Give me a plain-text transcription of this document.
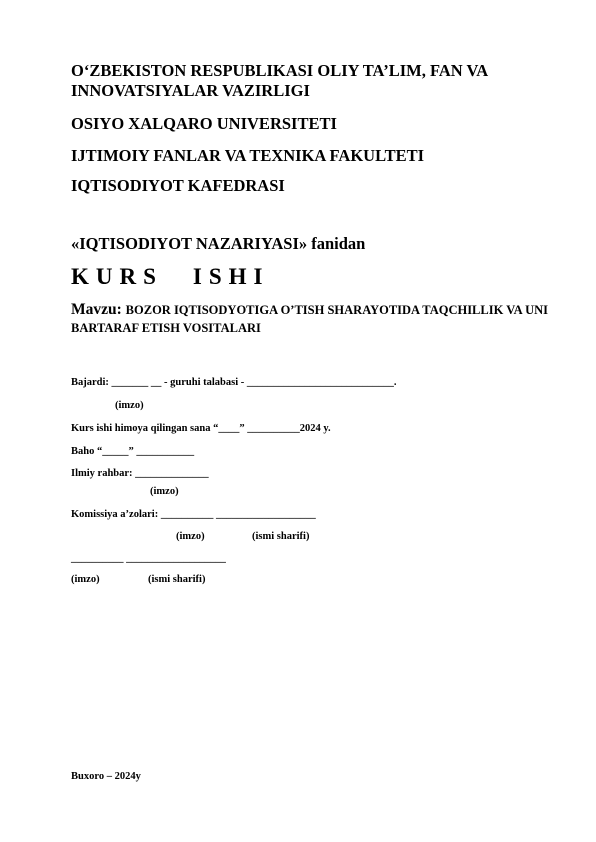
O‘ZBEKISTON RESPUBLIKASI OLIY TA’LIM, FAN VA INNOVATSIYALAR VAZIRLIGI
OSIYO XALQARO UNIVERSITETI
IJTIMOIY FANLAR VA TEXNIKA FAKULTETI
IQTISODIYOT KAFEDRASI
«IQTISODIYOT NAZARIYASI» fanidan
KURS ISHI
Mavzu: BOZOR IQTISODYOTIGA O’TISH SHARAYOTIDA TAQCHILLIK VA UNI BARTARAF ETISH VOSITALARI
Bajardi: _______ __ - guruhi talabasi - ____________________________.
(imzo)
Kurs ishi himoya qilingan sana “____” __________2024 y.
Baho “_____” ___________
Ilmiy rahbar: ______________
(imzo)
Komissiya a’zolari: __________ ___________________
(imzo)	(ismi sharifi)
__________ ___________________
(imzo)	(ismi sharifi)
Buxoro – 2024y
